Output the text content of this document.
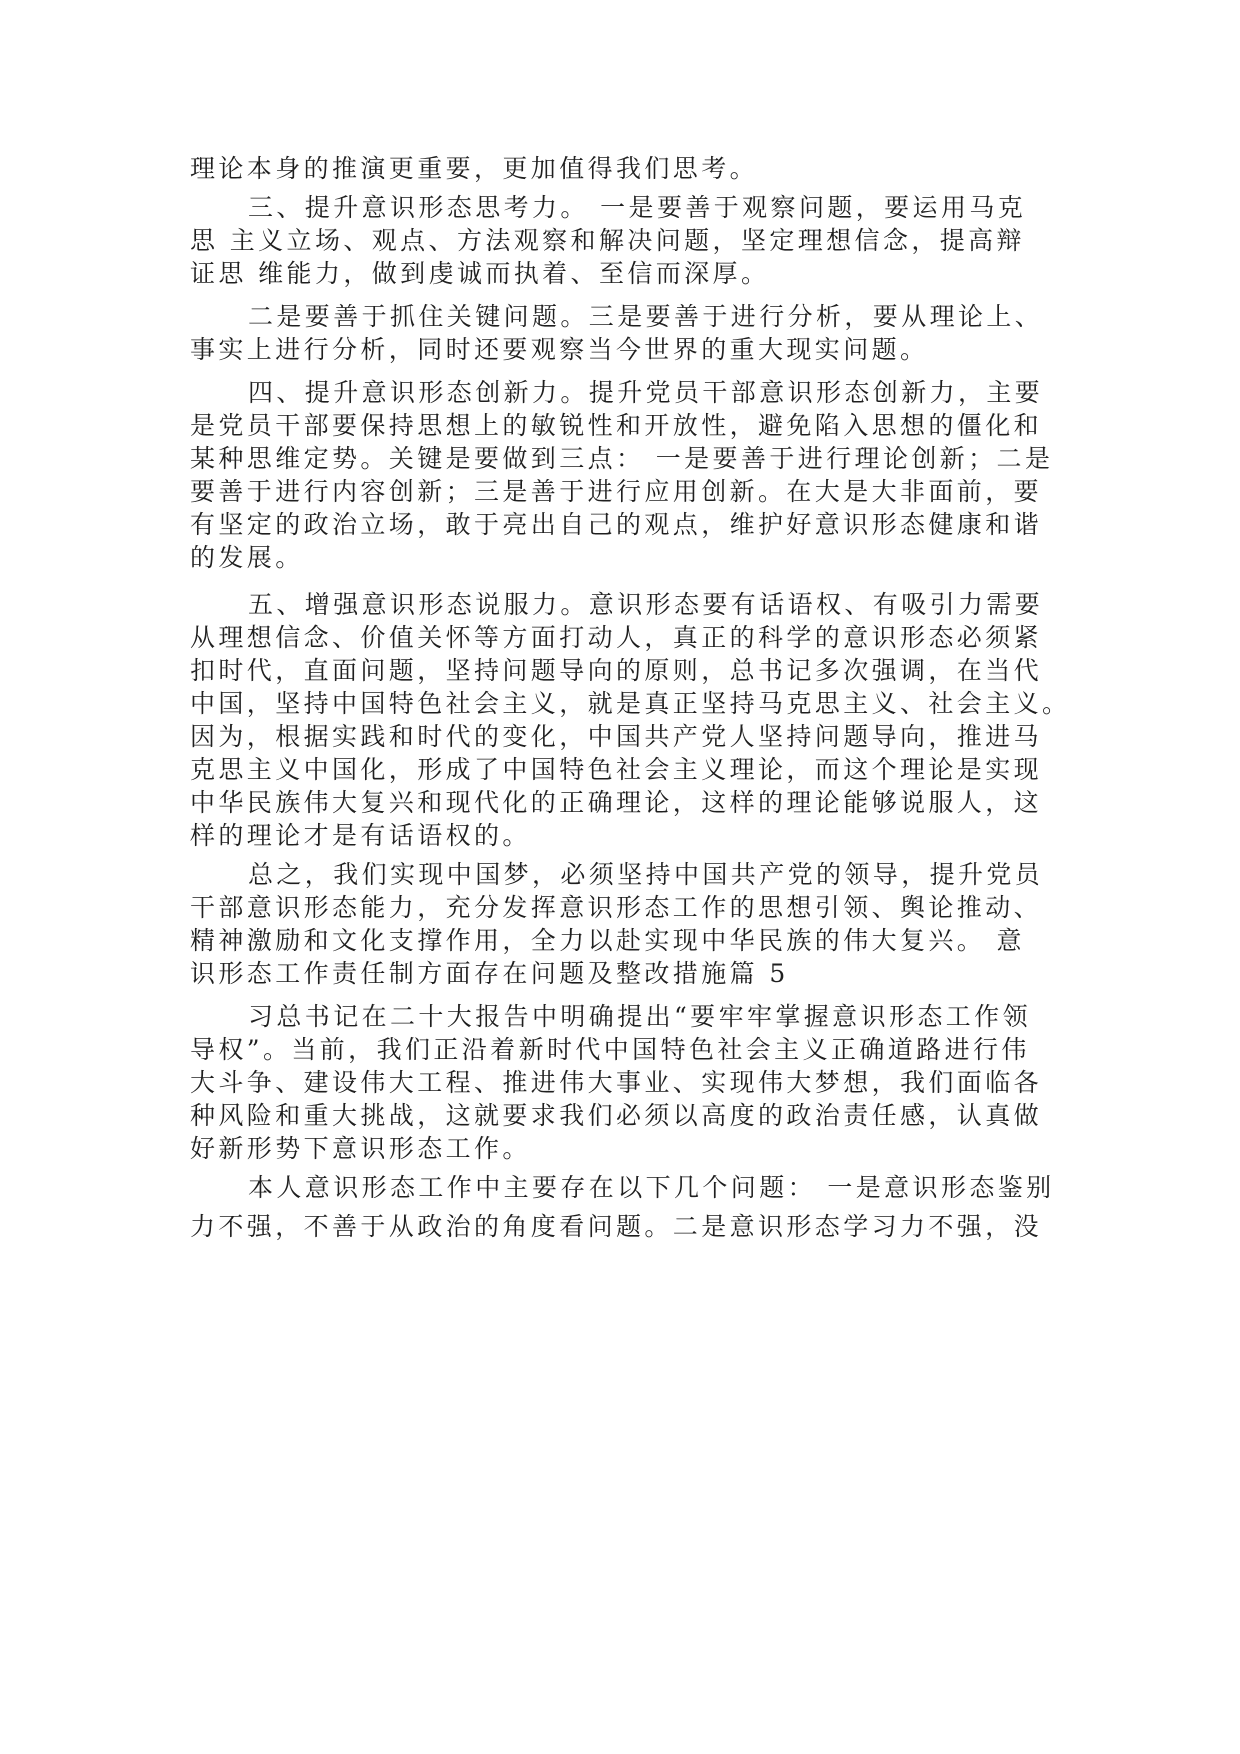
理论本身的推演更重要，更加值得我们思考。
三、提升意识形态思考力。 一是要善于观察问题，要运用马克
思 主义立场、观点、方法观察和解决问题，坚定理想信念，提高辩
证思 维能力，做到虔诚而执着、至信而深厚。
二是要善于抓住关键问题。三是要善于进行分析，要从理论上、
事实上进行分析，同时还要观察当今世界的重大现实问题。
四、提升意识形态创新力。提升党员干部意识形态创新力，主要
是党员干部要保持思想上的敏锐性和开放性，避免陷入思想的僵化和
某种思维定势。关键是要做到三点： 一是要善于进行理论创新；二是
要善于进行内容创新；三是善于进行应用创新。在大是大非面前，要
有坚定的政治立场，敢于亮出自己的观点，维护好意识形态健康和谐
的发展。
五、增强意识形态说服力。意识形态要有话语权、有吸引力需要
从理想信念、价值关怀等方面打动人，真正的科学的意识形态必须紧
扣时代，直面问题，坚持问题导向的原则，总书记多次强调，在当代
中国，坚持中国特色社会主义，就是真正坚持马克思主义、社会主义。
因为，根据实践和时代的变化，中国共产党人坚持问题导向，推进马
克思主义中国化，形成了中国特色社会主义理论，而这个理论是实现
中华民族伟大复兴和现代化的正确理论，这样的理论能够说服人，这
样的理论才是有话语权的。
总之，我们实现中国梦，必须坚持中国共产党的领导，提升党员
干部意识形态能力，充分发挥意识形态工作的思想引领、舆论推动、
精神激励和文化支撑作用，全力以赴实现中华民族的伟大复兴。 意
识形态工作责任制方面存在问题及整改措施篇 5
习总书记在二十大报告中明确提出“要牢牢掌握意识形态工作领
导权”。当前，我们正沿着新时代中国特色社会主义正确道路进行伟
大斗争、建设伟大工程、推进伟大事业、实现伟大梦想，我们面临各
种风险和重大挑战，这就要求我们必须以高度的政治责任感，认真做
好新形势下意识形态工作。
本人意识形态工作中主要存在以下几个问题： 一是意识形态鉴别
力不强，不善于从政治的角度看问题。二是意识形态学习力不强，没
